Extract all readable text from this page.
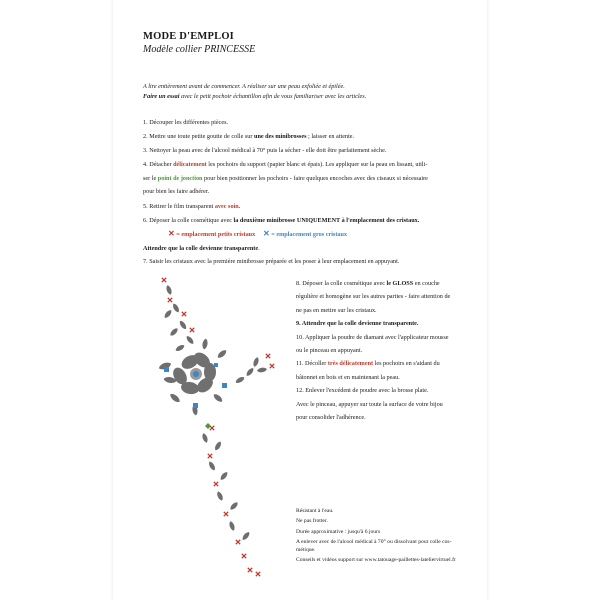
MODE D'EMPLOI

Modèle collier PRINCESSE

A lire entièrement avant de commencer. A réaliser sur une peau exfoliée et épilée.

Faire un essai avec le petit pochoir échantillon afin de vous familiariser avec les articles.

1. Découper les différentes pièces.

2. Mettre une toute petite goutte de colle sur une des minibrosses ; laisser en attente.

3. Nettoyer la peau avec de l'alcool médical à 70° puis la sécher - elle doit être parfaitement sèche.

4. Détacher délicatement les pochoirs du support (papier blanc et épais). Les appliquer sur la peau en lissant, utili-

ser le point de jonction pour bien positionner les pochoirs - faire quelques encoches avec des ciseaux si nécessaire

pour bien les faire adhérer.

5. Retirer le film transparent avec soin.

6. Déposer la colle cosmétique avec la deuxième minibrosse UNIQUEMENT à l'emplacement des cristaux.

✕ = emplacement petits cristaux ✕ = emplacement gros cristaux

Attendre que la colle devienne transparente.

7. Saisir les cristaux avec la première minibrosse préparée et les poser à leur emplacement en appuyant.

8. Déposer la colle cosmétique avec le GLOSS en couche
régulière et homogène sur les autres parties - faire attention de
ne pas en mettre sur les cristaux.
9. Attendre que la colle devienne transparente.
10. Appliquer la poudre de diamant avec l'applicateur mousse
ou le pinceau en appuyant.
11. Décoller très délicatement les pochoirs en s'aidant du
bâtonnet en bois et en maintenant la peau.
12. Enlever l'excédent de poudre avec la brosse plate.
Avec le pinceau, appuyer sur toute la surface de votre bijou
pour consolider l'adhérence.
Résistant à l'eau.
Ne pas frotter.
Durée approximative : jusqu'à 6 jours
A enlever avec de l'alcool médical à 70° ou dissolvant pour colle cos-
métique.
Conseils et vidéos support sur www.tatouage-paillettes-lateliervirtuel.fr
